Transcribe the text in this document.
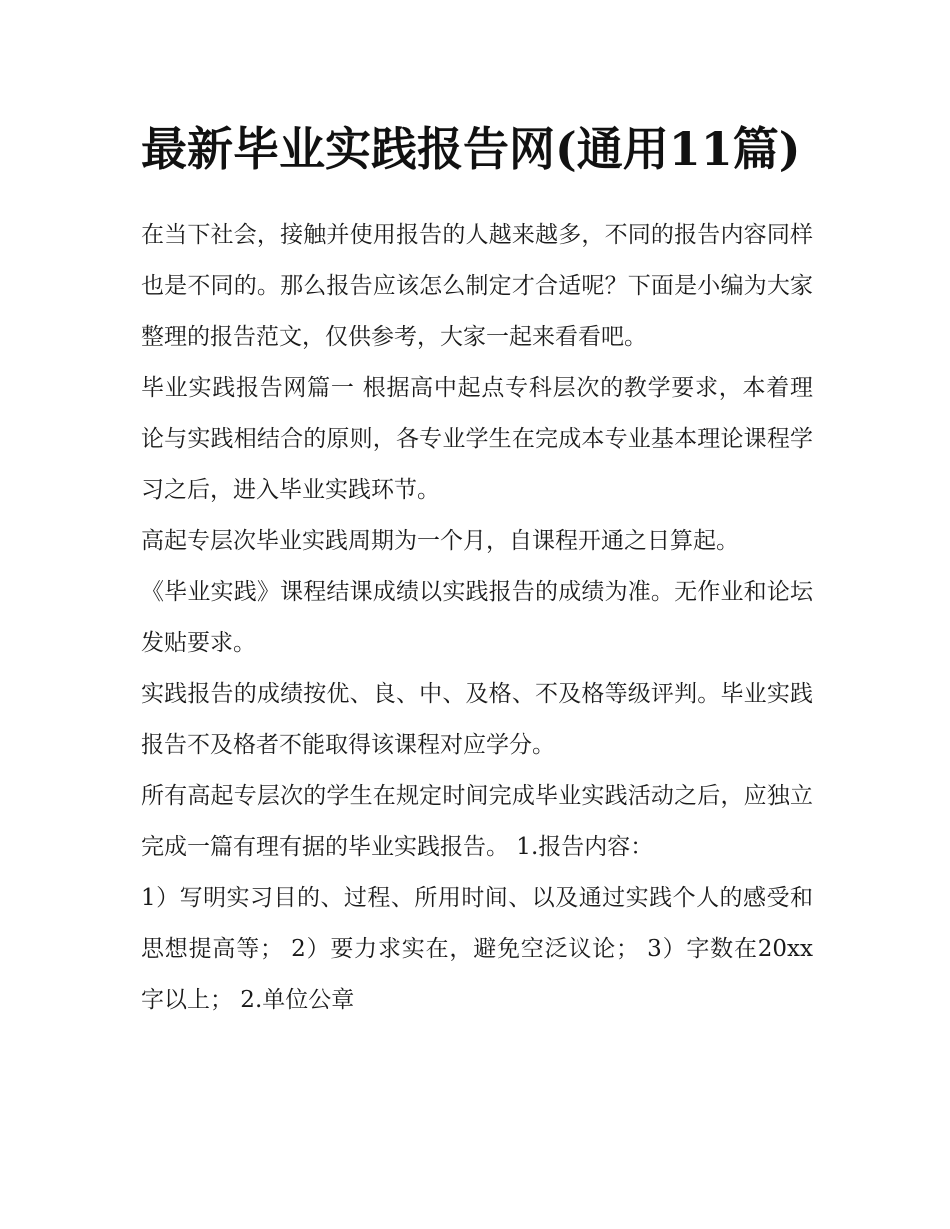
最新毕业实践报告网(通用11篇)

在当下社会，接触并使用报告的人越来越多，不同的报告内容同样也是不同的。那么报告应该怎么制定才合适呢？下面是小编为大家整理的报告范文，仅供参考，大家一起来看看吧。

毕业实践报告网篇一 根据高中起点专科层次的教学要求，本着理论与实践相结合的原则，各专业学生在完成本专业基本理论课程学习之后，进入毕业实践环节。

高起专层次毕业实践周期为一个月，自课程开通之日算起。

《毕业实践》课程结课成绩以实践报告的成绩为准。无作业和论坛发贴要求。

实践报告的成绩按优、良、中、及格、不及格等级评判。毕业实践报告不及格者不能取得该课程对应学分。

所有高起专层次的学生在规定时间完成毕业实践活动之后，应独立完成一篇有理有据的毕业实践报告。 1.报告内容：

1）写明实习目的、过程、所用时间、以及通过实践个人的感受和思想提高等； 2）要力求实在，避免空泛议论； 3）字数在20xx字以上； 2.单位公章
